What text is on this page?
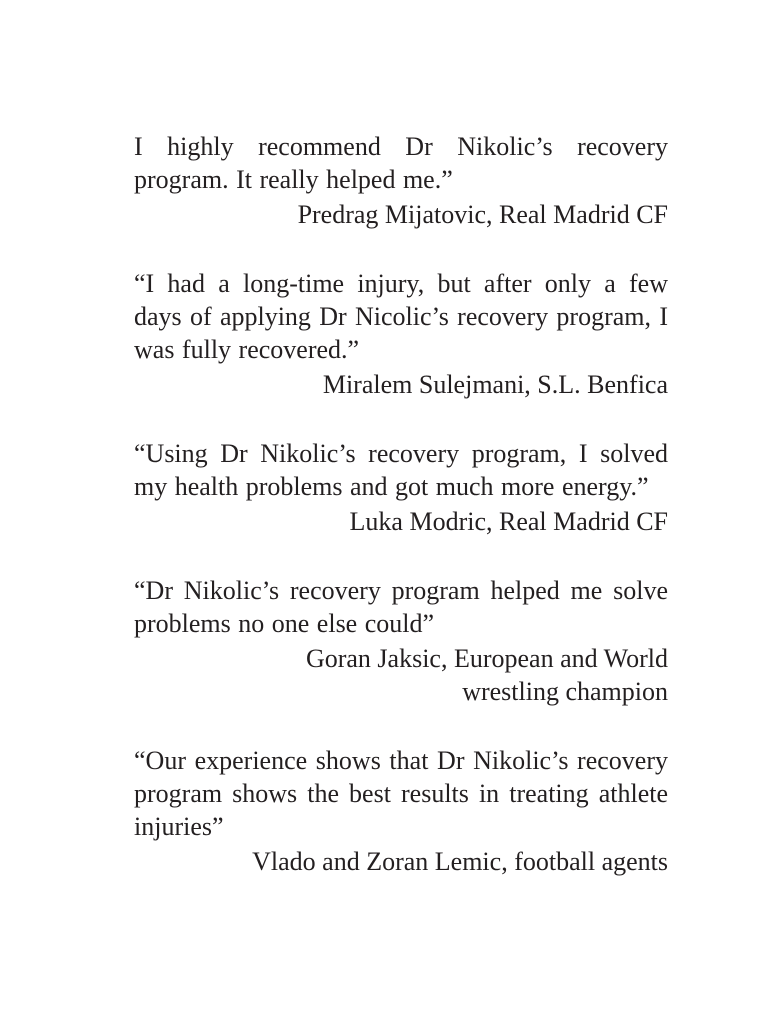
I highly recommend Dr Nikolic’s recovery program. It really helped me.”

Predrag Mijatovic, Real Madrid CF

“I had a long-time injury, but after only a few days of applying Dr Nicolic’s recovery program, I was fully recovered.”

Miralem Sulejmani, S.L. Benfica

“Using Dr Nikolic’s recovery program, I solved my health problems and got much more energy.”

Luka Modric, Real Madrid CF

“Dr Nikolic’s recovery program helped me solve problems no one else could”

Goran Jaksic, European and World
wrestling champion

“Our experience shows that Dr Nikolic’s recovery program shows the best results in treating athlete injuries”

Vlado and Zoran Lemic, football agents
